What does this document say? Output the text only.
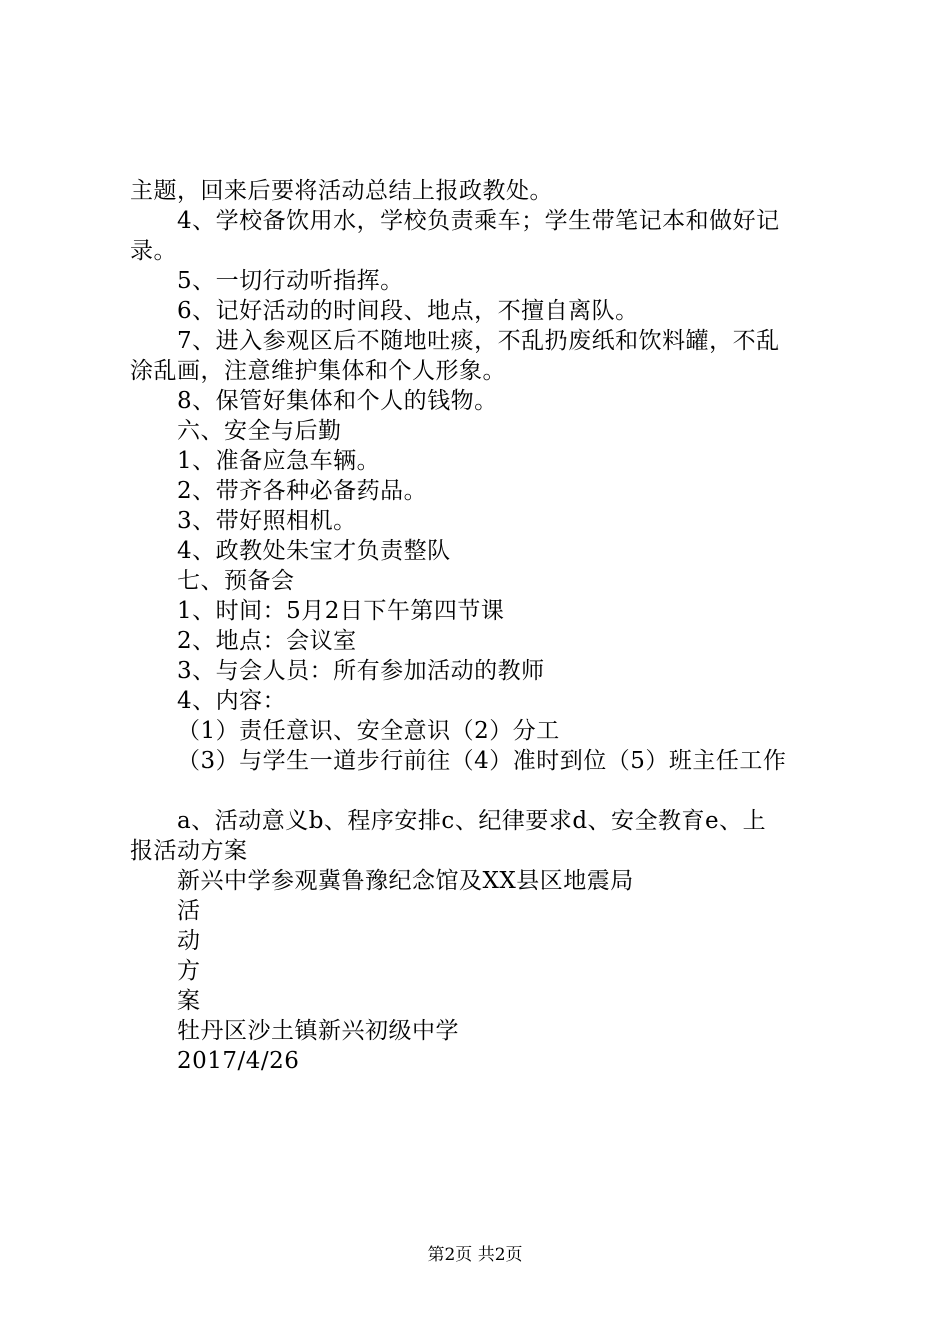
主题，回来后要将活动总结上报政教处。
4、学校备饮用水，学校负责乘车；学生带笔记本和做好记
录。
5、一切行动听指挥。
6、记好活动的时间段、地点，不擅自离队。
7、进入参观区后不随地吐痰，不乱扔废纸和饮料罐，不乱
涂乱画，注意维护集体和个人形象。
8、保管好集体和个人的钱物。
六、安全与后勤
1、准备应急车辆。
2、带齐各种必备药品。
3、带好照相机。
4、政教处朱宝才负责整队
七、预备会
1、时间：5月2日下午第四节课
2、地点：会议室
3、与会人员：所有参加活动的教师
4、内容：
（1）责任意识、安全意识（2）分工
（3）与学生一道步行前往（4）准时到位（5）班主任工作
a、活动意义b、程序安排c、纪律要求d、安全教育e、上
报活动方案
新兴中学参观冀鲁豫纪念馆及XX县区地震局
活
动
方
案
牡丹区沙土镇新兴初级中学
2017/4/26
第2页 共2页
